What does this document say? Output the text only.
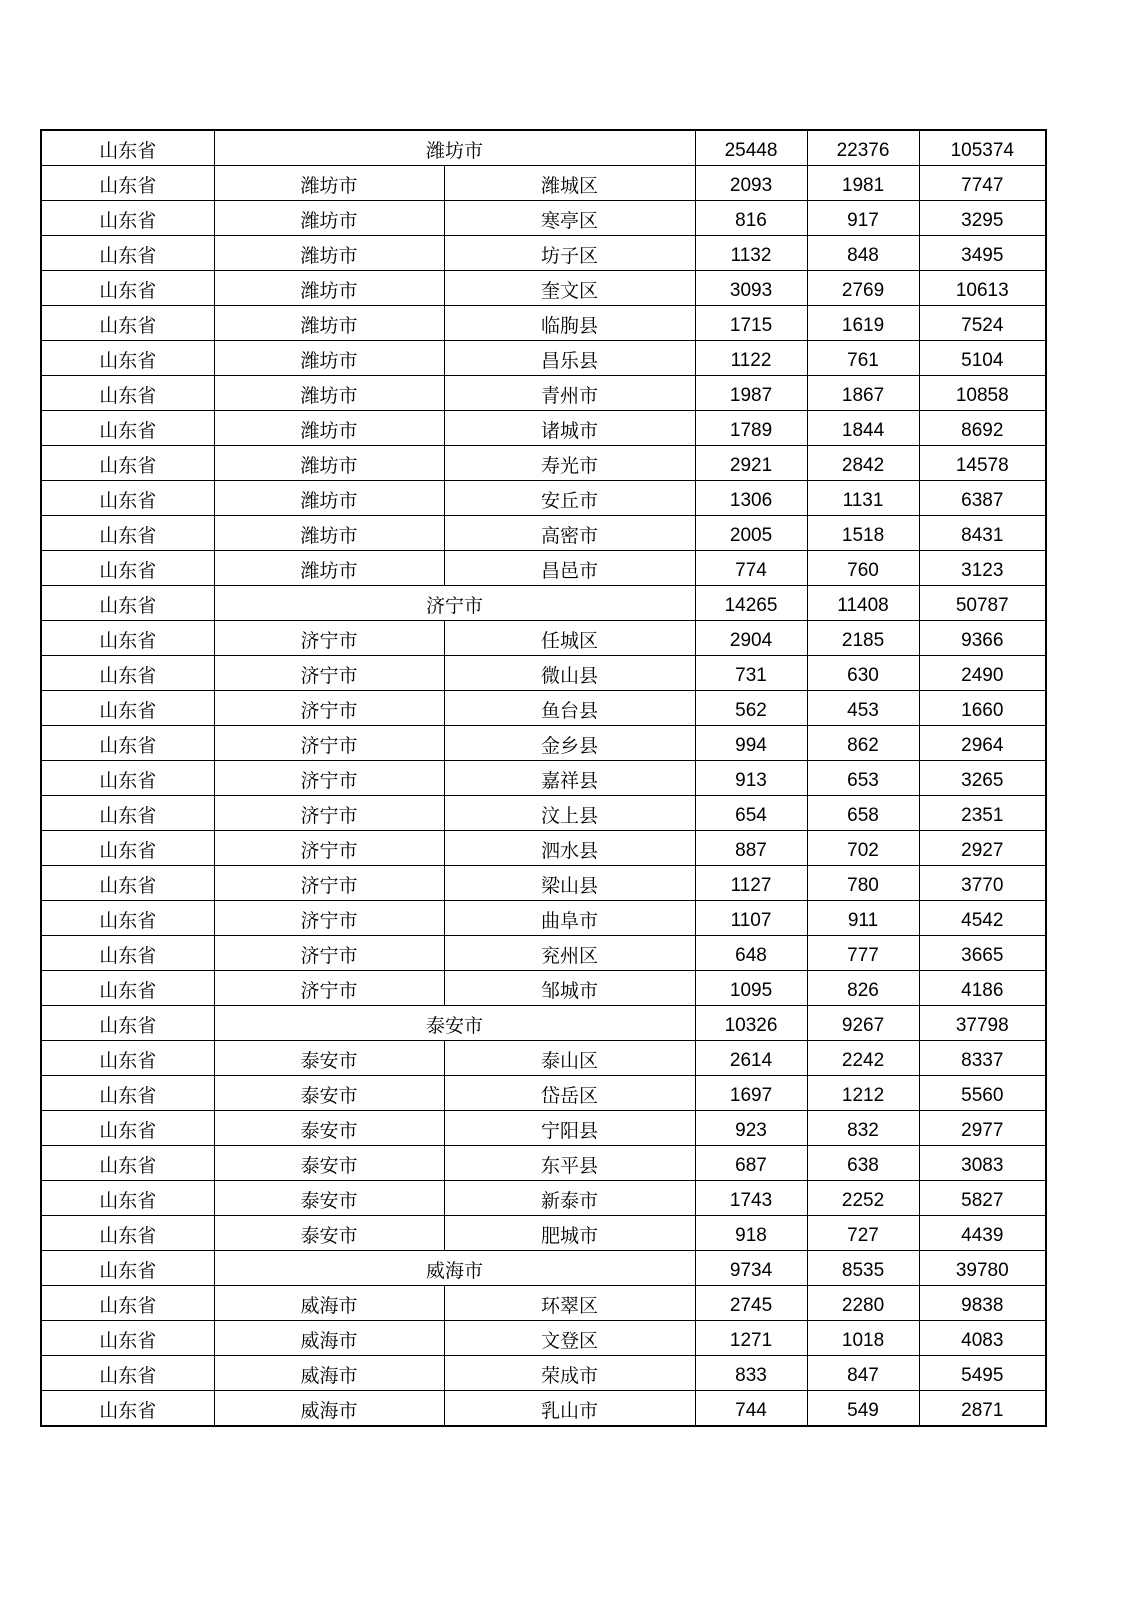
山东省	潍坊市		25448	22376	105374
山东省	潍坊市	潍城区	2093	1981	7747
山东省	潍坊市	寒亭区	816	917	3295
山东省	潍坊市	坊子区	1132	848	3495
山东省	潍坊市	奎文区	3093	2769	10613
山东省	潍坊市	临朐县	1715	1619	7524
山东省	潍坊市	昌乐县	1122	761	5104
山东省	潍坊市	青州市	1987	1867	10858
山东省	潍坊市	诸城市	1789	1844	8692
山东省	潍坊市	寿光市	2921	2842	14578
山东省	潍坊市	安丘市	1306	1131	6387
山东省	潍坊市	高密市	2005	1518	8431
山东省	潍坊市	昌邑市	774	760	3123
山东省	济宁市		14265	11408	50787
山东省	济宁市	任城区	2904	2185	9366
山东省	济宁市	微山县	731	630	2490
山东省	济宁市	鱼台县	562	453	1660
山东省	济宁市	金乡县	994	862	2964
山东省	济宁市	嘉祥县	913	653	3265
山东省	济宁市	汶上县	654	658	2351
山东省	济宁市	泗水县	887	702	2927
山东省	济宁市	梁山县	1127	780	3770
山东省	济宁市	曲阜市	1107	911	4542
山东省	济宁市	兖州区	648	777	3665
山东省	济宁市	邹城市	1095	826	4186
山东省	泰安市		10326	9267	37798
山东省	泰安市	泰山区	2614	2242	8337
山东省	泰安市	岱岳区	1697	1212	5560
山东省	泰安市	宁阳县	923	832	2977
山东省	泰安市	东平县	687	638	3083
山东省	泰安市	新泰市	1743	2252	5827
山东省	泰安市	肥城市	918	727	4439
山东省	威海市		9734	8535	39780
山东省	威海市	环翠区	2745	2280	9838
山东省	威海市	文登区	1271	1018	4083
山东省	威海市	荣成市	833	847	5495
山东省	威海市	乳山市	744	549	2871
